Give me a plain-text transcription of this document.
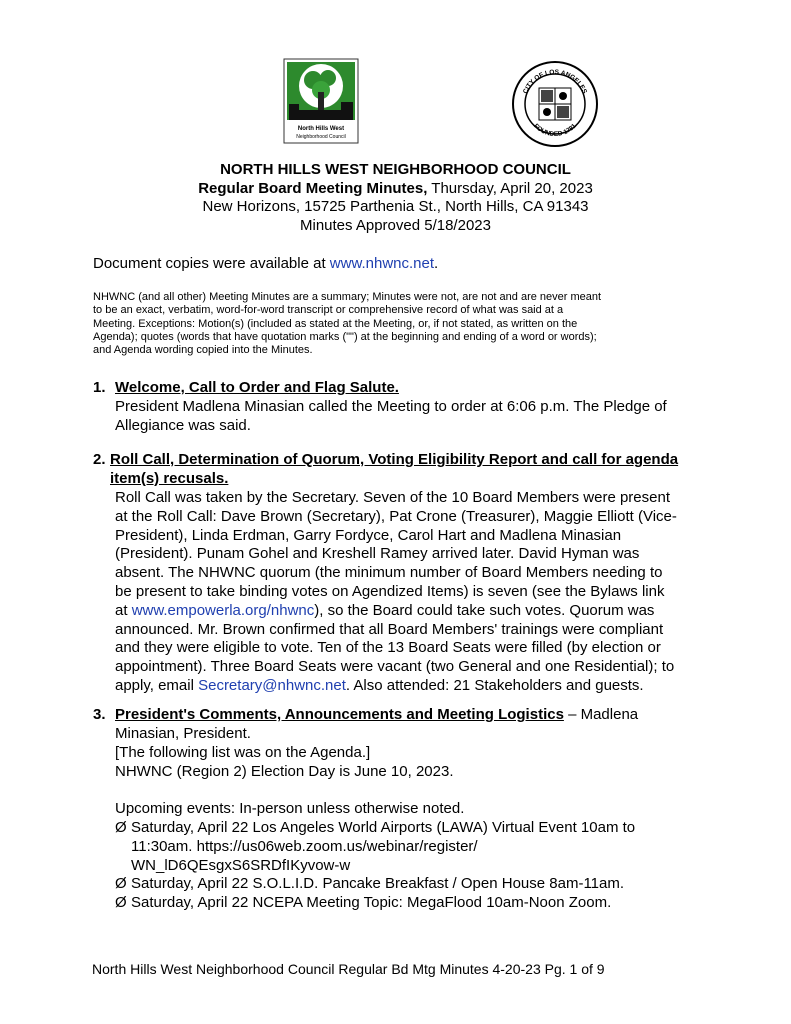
North Hills West
Neighborhood Council
CITY OF LOS ANGELES
FOUNDED 1781
NORTH HILLS WEST NEIGHBORHOOD COUNCIL
Regular Board Meeting Minutes, Thursday, April 20, 2023
New Horizons, 15725 Parthenia St., North Hills, CA 91343
Minutes Approved 5/18/2023
Document copies were available at www.nhwnc.net.
NHWNC (and all other) Meeting Minutes are a summary; Minutes were not, are not and are never meant
to be an exact, verbatim, word-for-word transcript or comprehensive record of what was said at a
Meeting. Exceptions: Motion(s) (included as stated at the Meeting, or, if not stated, as written on the
Agenda); quotes (words that have quotation marks ("") at the beginning and ending of a word or words);
and Agenda wording copied into the Minutes.
1. Welcome, Call to Order and Flag Salute.
President Madlena Minasian called the Meeting to order at 6:06 p.m. The Pledge of
Allegiance was said.
2. Roll Call, Determination of Quorum, Voting Eligibility Report and call for agenda
item(s) recusals.
Roll Call was taken by the Secretary. Seven of the 10 Board Members were present
at the Roll Call: Dave Brown (Secretary), Pat Crone (Treasurer), Maggie Elliott (Vice-
President), Linda Erdman, Garry Fordyce, Carol Hart and Madlena Minasian
(President). Punam Gohel and Kreshell Ramey arrived later. David Hyman was
absent. The NHWNC quorum (the minimum number of Board Members needing to
be present to take binding votes on Agendized Items) is seven (see the Bylaws link
at www.empowerla.org/nhwnc), so the Board could take such votes. Quorum was
announced. Mr. Brown confirmed that all Board Members' trainings were compliant
and they were eligible to vote. Ten of the 13 Board Seats were filled (by election or
appointment). Three Board Seats were vacant (two General and one Residential); to
apply, email Secretary@nhwnc.net. Also attended: 21 Stakeholders and guests.
3. President's Comments, Announcements and Meeting Logistics – Madlena
Minasian, President.
[The following list was on the Agenda.]
NHWNC (Region 2) Election Day is June 10, 2023.
Upcoming events: In-person unless otherwise noted.
Ø Saturday, April 22 Los Angeles World Airports (LAWA) Virtual Event 10am to
11:30am. https://us06web.zoom.us/webinar/register/
WN_lD6QEsgxS6SRDfIKyvow-w
Ø Saturday, April 22 S.O.L.I.D. Pancake Breakfast / Open House 8am-11am.
Ø Saturday, April 22 NCEPA Meeting Topic: MegaFlood 10am-Noon Zoom.
North Hills West Neighborhood Council Regular Bd Mtg Minutes 4-20-23 Pg. 1 of 9
